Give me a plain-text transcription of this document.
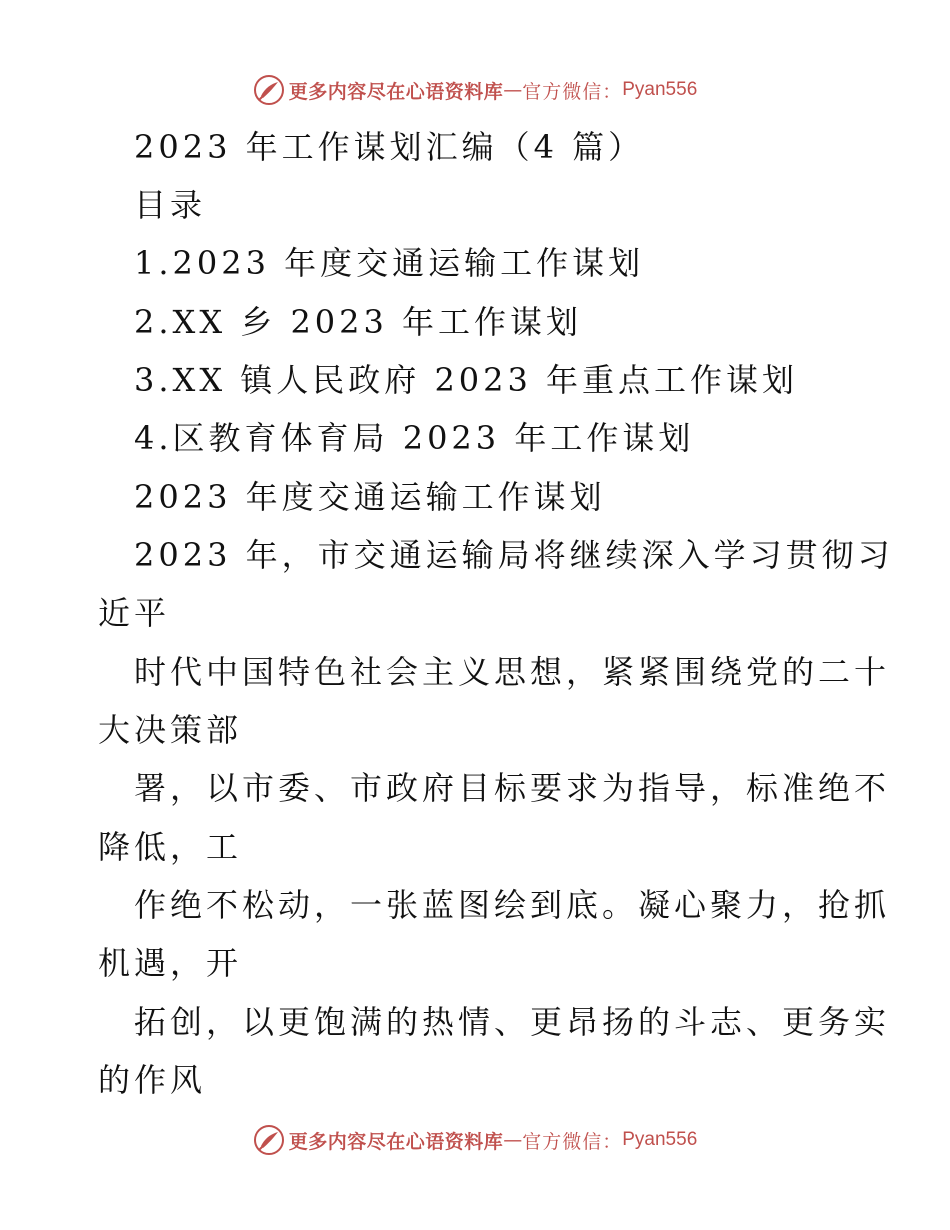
更多内容尽在心语资料库 — 官方微信： Pyan556
2023 年工作谋划汇编（4 篇）
目录
1.2023 年度交通运输工作谋划
2.XX 乡 2023 年工作谋划
3.XX 镇人民政府 2023 年重点工作谋划
4.区教育体育局 2023 年工作谋划
2023 年度交通运输工作谋划
2023 年，市交通运输局将继续深入学习贯彻习
近平
时代中国特色社会主义思想，紧紧围绕党的二十
大决策部
署，以市委、市政府目标要求为指导，标准绝不
降低，工
作绝不松动，一张蓝图绘到底。凝心聚力，抢抓
机遇，开
拓创，以更饱满的热情、更昂扬的斗志、更务实
的作风
更多内容尽在心语资料库 — 官方微信： Pyan556
